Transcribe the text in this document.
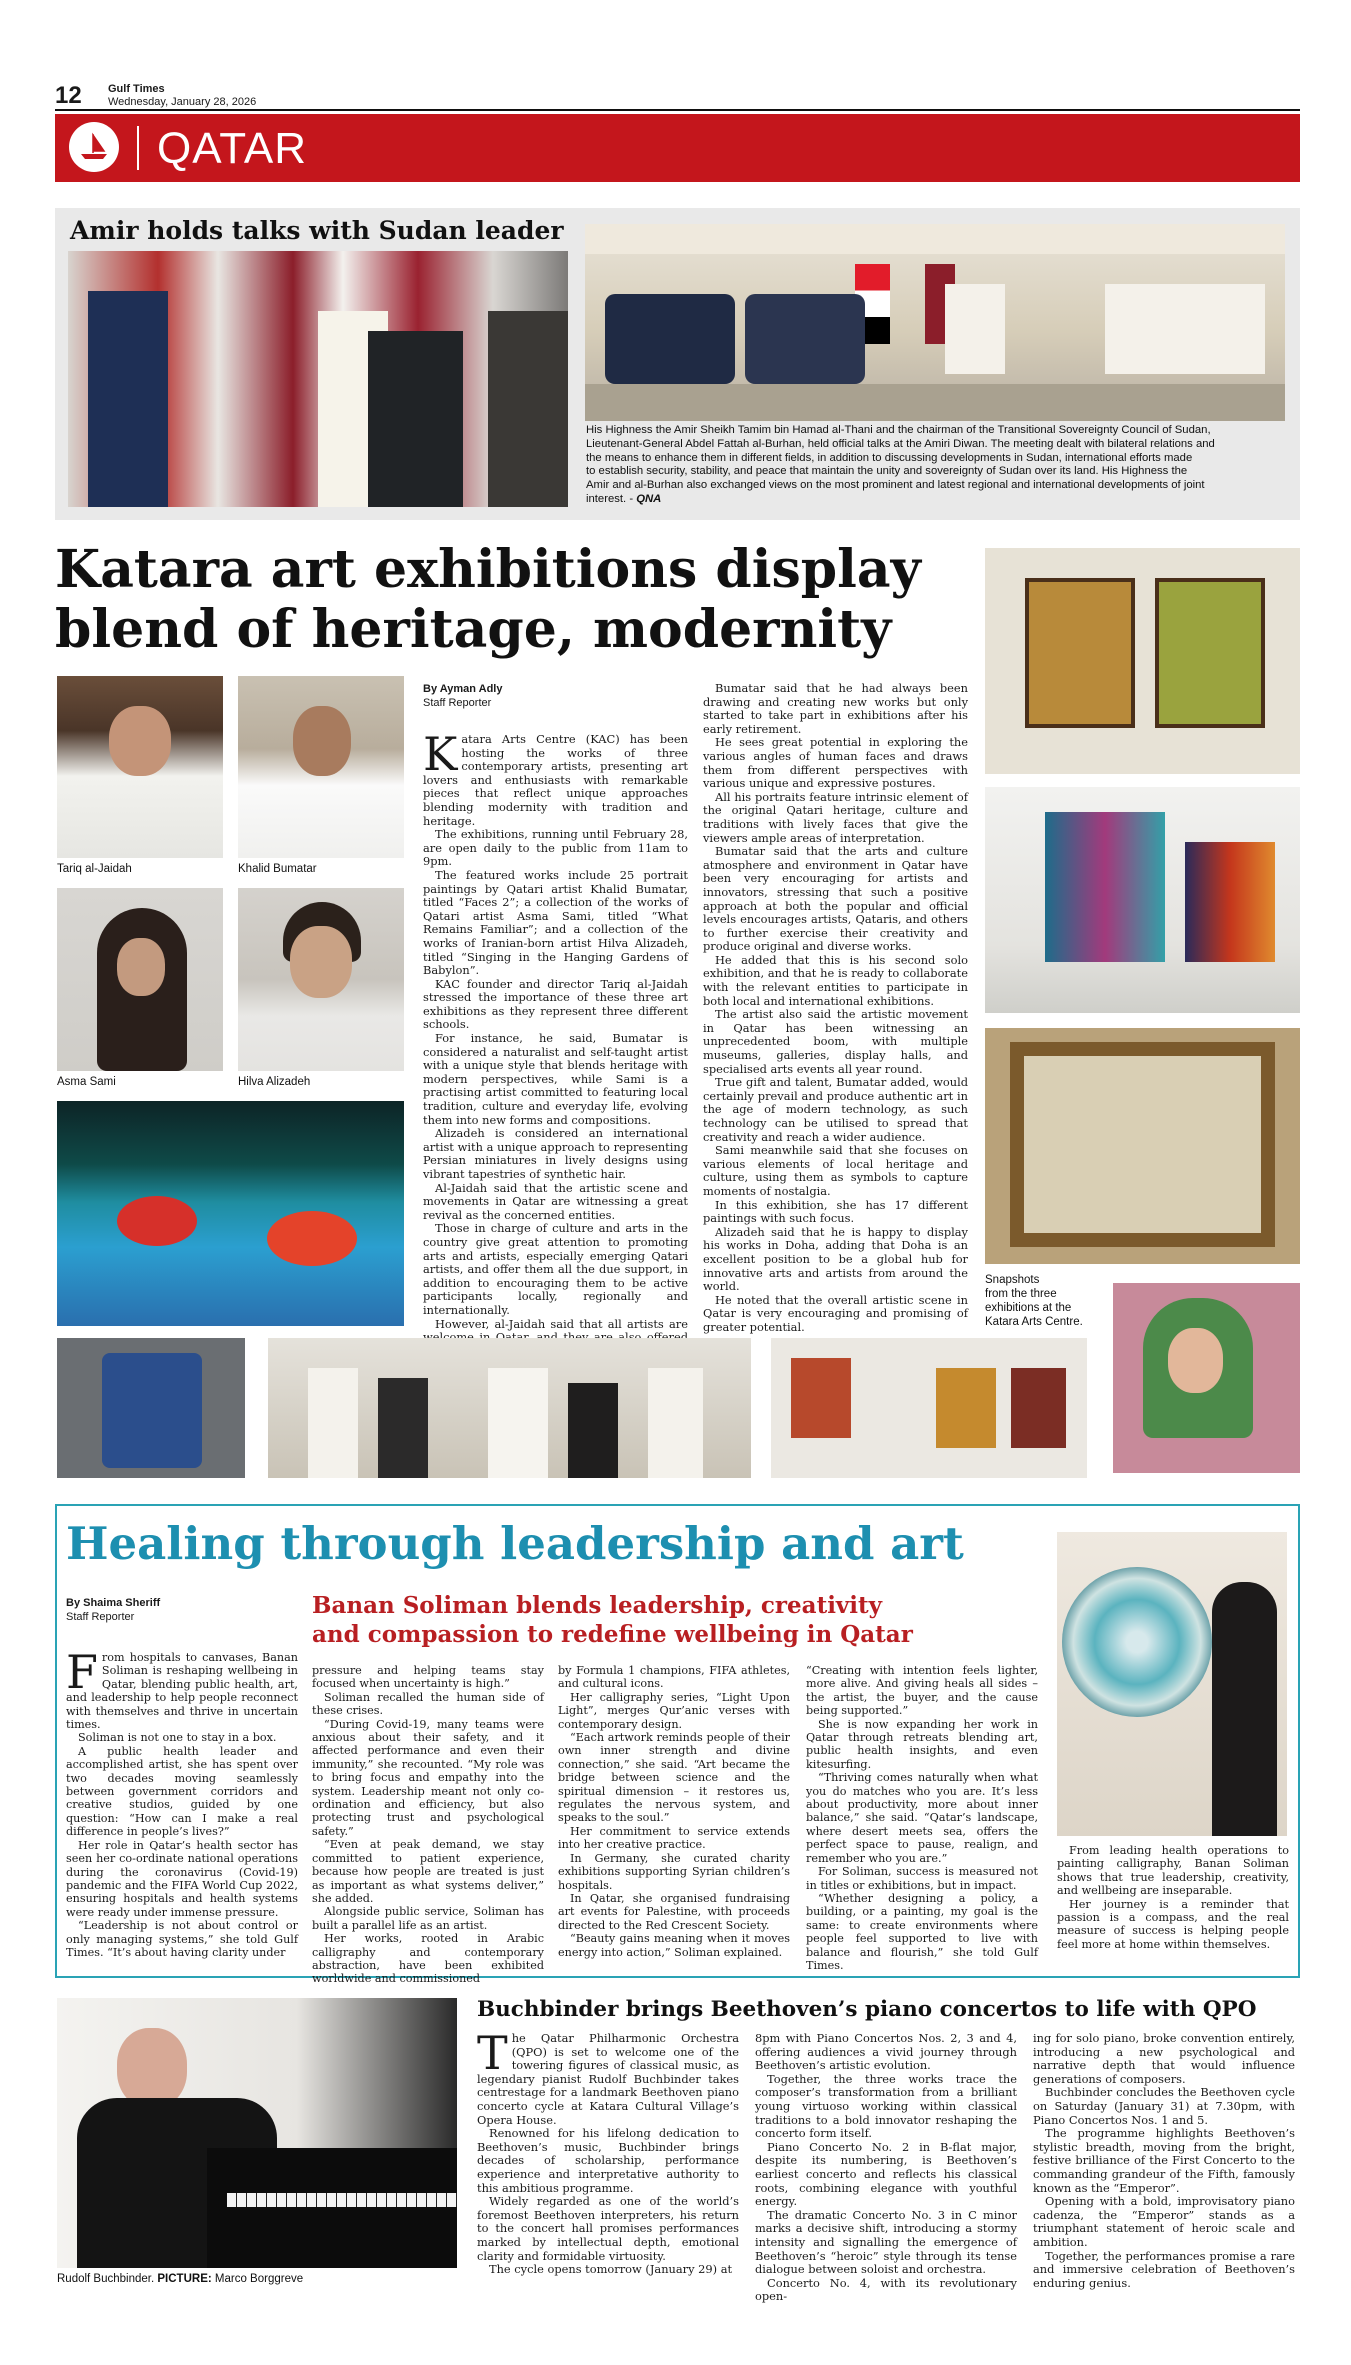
12 Gulf Times
Wednesday, January 28, 2026
QATAR
Amir holds talks with Sudan leader
His Highness the Amir Sheikh Tamim bin Hamad al-Thani and the chairman of the Transitional Sovereignty Council of Sudan,
Lieutenant-General Abdel Fattah al-Burhan, held official talks at the Amiri Diwan. The meeting dealt with bilateral relations and
the means to enhance them in different fields, in addition to discussing developments in Sudan, international efforts made
to establish security, stability, and peace that maintain the unity and sovereignty of Sudan over its land. His Highness the
Amir and al-Burhan also exchanged views on the most prominent and latest regional and international developments of joint
interest. - QNA
Katara art exhibitions display
blend of heritage, modernity
Tariq al-Jaidah	Khalid Bumatar
Asma Sami	Hilva Alizadeh
By Ayman Adly
Staff Reporter

Katara Arts Centre (KAC) has been hosting the works of three contemporary artists, presenting art lovers and enthusiasts with remarkable pieces that reflect unique approaches blending modernity with tradition and heritage.

The exhibitions, running until February 28, are open daily to the public from 11am to 9pm.

The featured works include 25 portrait paintings by Qatari artist Khalid Bumatar, titled “Faces 2”; a collection of the works of Qatari artist Asma Sami, titled “What Remains Familiar”; and a collection of the works of Iranian-born artist Hilva Alizadeh, titled “Singing in the Hanging Gardens of Babylon”.

KAC founder and director Tariq al-Jaidah stressed the importance of these three art exhibitions as they represent three different schools.

For instance, he said, Bumatar is considered a naturalist and self-taught artist with a unique style that blends heritage with modern perspectives, while Sami is a practising artist committed to featuring local tradition, culture and everyday life, evolving them into new forms and compositions.

Alizadeh is considered an international artist with a unique approach to representing Persian miniatures in lively designs using vibrant tapestries of synthetic hair.

Al-Jaidah said that the artistic scene and movements in Qatar are witnessing a great revival as the concerned entities.

Those in charge of culture and arts in the country give great attention to promoting arts and artists, especially emerging Qatari artists, and offer them all the due support, in addition to encouraging them to be active participants locally, regionally and internationally.

However, al-Jaidah said that all artists are

Bumatar said that he had always been drawing and creating new works but only started to take part in exhibitions after his early retirement.

He sees great potential in exploring the various angles of human faces and draws them from different perspectives with various unique and expressive postures.

All his portraits feature intrinsic element of the original Qatari heritage, culture and traditions with lively faces that give the viewers ample areas of interpretation.

Bumatar said that the arts and culture atmosphere and environment in Qatar have been very encouraging for artists and innovators, stressing that such a positive approach at both the popular and official levels encourages artists, Qataris, and others to further exercise their creativity and produce original and diverse works.

He added that this is his second solo exhibition, and that he is ready to collaborate with the relevant entities to participate in both local and international exhibitions.

The artist also said the artistic movement in Qatar has been witnessing an unprecedented boom, with multiple museums, galleries, display halls, and specialised arts events all year round.

True gift and talent, Bumatar added, would certainly prevail and produce authentic art in the age of modern technology, as such technology can be utilised to spread that creativity and reach a wider audience.

Sami meanwhile said that she focuses on various elements of local heritage and culture, using them as symbols to capture moments of nostalgia.

In this exhibition, she has 17 different paintings with such focus.

Alizadeh said that he is happy to display his works in Doha, adding that Doha is an excellent position to be a global hub for innovative arts and artists from around the world.

He noted that the overall artistic scene in Qatar is very encouraging and promising of greater potential.

Snapshots
from the three
exhibitions at the
Katara Arts Centre.
Healing through leadership and art
By Shaima Sheriff
Staff Reporter	Banan Soliman blends leadership, creativity
and compassion to redefine wellbeing in Qatar

From hospitals to canvases, Banan Soliman is reshaping wellbeing in Qatar, blending public health, art, and leadership to help people reconnect with themselves and thrive in uncertain times.

Soliman is not one to stay in a box.

A public health leader and accomplished artist, she has spent over two decades moving seamlessly between government corridors and creative studios, guided by one question: “How can I make a real difference in people’s lives?”

Her role in Qatar’s health sector has seen her co-ordinate national operations during the coronavirus (Covid-19) pandemic and the FIFA World Cup 2022, ensuring hospitals and health systems were ready under immense pressure.

“Leadership is not about control or only managing systems,” she told Gulf Times. “It’s about having clarity under

pressure and helping teams stay focused when uncertainty is high.”

Soliman recalled the human side of these crises.

“During Covid-19, many teams were anxious about their safety, and it affected performance and even their immunity,” she recounted. “My role was to bring focus and empathy into the system. Leadership meant not only co-ordination and efficiency, but also protecting trust and psychological safety.”

“Even at peak demand, we stay committed to patient experience, because how people are treated is just as important as what systems deliver,” she added.

Alongside public service, Soliman has built a parallel life as an artist.

Her works, rooted in Arabic calligraphy and contemporary abstraction, have been exhibited worldwide and commissioned

by Formula 1 champions, FIFA athletes, and cultural icons.

Her calligraphy series, “Light Upon Light”, merges Qur’anic verses with contemporary design.

“Each artwork reminds people of their own inner strength and divine connection,” she said. “Art became the bridge between science and the spiritual dimension – it restores us, regulates the nervous system, and speaks to the soul.”

Her commitment to service extends into her creative practice.

In Germany, she curated charity exhibitions supporting Syrian children’s hospitals.

In Qatar, she organised fundraising art events for Palestine, with proceeds directed to the Red Crescent Society.

“Beauty gains meaning when it moves energy into action,” Soliman explained.

“Creating with intention feels lighter, more alive. And giving heals all sides – the artist, the buyer, and the cause being supported.”

She is now expanding her work in Qatar through retreats blending art, public health insights, and even kitesurfing.

“Thriving comes naturally when what you do matches who you are. It’s less about productivity, more about inner balance,” she said. “Qatar’s landscape, where desert meets sea, offers the perfect space to pause, realign, and remember who you are.”

For Soliman, success is measured not in titles or exhibitions, but in impact.

“Whether designing a policy, a building, or a painting, my goal is the same: to create environments where people feel supported to live with balance and flourish,” she told Gulf Times.

From leading health operations to painting calligraphy, Banan Soliman shows that true leadership, creativity, and wellbeing are inseparable.

Her journey is a reminder that passion is a compass, and the real measure of success is helping people feel more at home within themselves.

Rudolf Buchbinder. PICTURE: Marco Borggreve
Buchbinder brings Beethoven’s piano concertos to life with QPO

The Qatar Philharmonic Orchestra (QPO) is set to welcome one of the towering figures of classical music, as legendary pianist Rudolf Buchbinder takes centrestage for a landmark Beethoven piano concerto cycle at Katara Cultural Village’s Opera House.

Renowned for his lifelong dedication to Beethoven’s music, Buchbinder brings decades of scholarship, performance experience and interpretative authority to this ambitious programme.

Widely regarded as one of the world’s foremost Beethoven interpreters, his return to the concert hall promises performances marked by intellectual depth, emotional clarity and formidable virtuosity.

The cycle opens tomorrow (January 29) at

8pm with Piano Concertos Nos. 2, 3 and 4, offering audiences a vivid journey through Beethoven’s artistic evolution.

Together, the three works trace the composer’s transformation from a brilliant young virtuoso working within classical traditions to a bold innovator reshaping the concerto form itself.

Piano Concerto No. 2 in B-flat major, despite its numbering, is Beethoven’s earliest concerto and reflects his classical roots, combining elegance with youthful energy.

The dramatic Concerto No. 3 in C minor marks a decisive shift, introducing a stormy intensity and signalling the emergence of Beethoven’s “heroic” style through its tense dialogue between soloist and orchestra.

Concerto No. 4, with its revolutionary open-

ing for solo piano, broke convention entirely, introducing a new psychological and narrative depth that would influence generations of composers.

Buchbinder concludes the Beethoven cycle on Saturday (January 31) at 7.30pm, with Piano Concertos Nos. 1 and 5.

The programme highlights Beethoven’s stylistic breadth, moving from the bright, festive brilliance of the First Concerto to the commanding grandeur of the Fifth, famously known as the “Emperor”.

Opening with a bold, improvisatory piano cadenza, the “Emperor” stands as a triumphant statement of heroic scale and ambition.

Together, the performances promise a rare and immersive celebration of Beethoven’s enduring genius.
